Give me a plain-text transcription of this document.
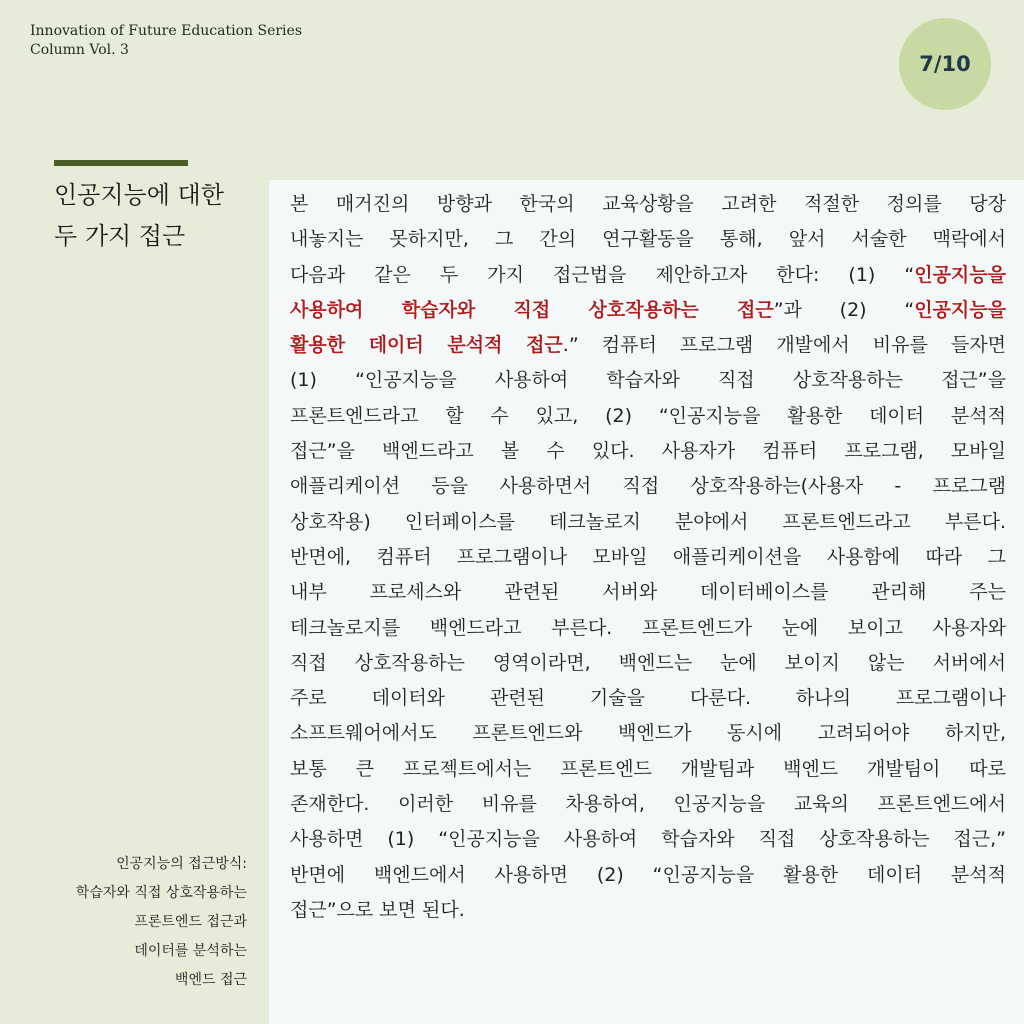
Innovation of Future Education Series
Column Vol. 3
7/10
인공지능에 대한
두 가지 접근
인공지능의 접근방식:
학습자와 직접 상호작용하는
프론트엔드 접근과
데이터를 분석하는
백엔드 접근
본 매거진의 방향과 한국의 교육상황을 고려한 적절한 정의를 당장
내놓지는 못하지만, 그 간의 연구활동을 통해, 앞서 서술한 맥락에서
다음과 같은 두 가지 접근법을 제안하고자 한다: (1) “인공지능을
사용하여 학습자와 직접 상호작용하는 접근”과 (2) “인공지능을
활용한 데이터 분석적 접근.” 컴퓨터 프로그램 개발에서 비유를 들자면
(1) “인공지능을 사용하여 학습자와 직접 상호작용하는 접근”을
프론트엔드라고 할 수 있고, (2) “인공지능을 활용한 데이터 분석적
접근”을 백엔드라고 볼 수 있다. 사용자가 컴퓨터 프로그램, 모바일
애플리케이션 등을 사용하면서 직접 상호작용하는(사용자 - 프로그램
상호작용) 인터페이스를 테크놀로지 분야에서 프론트엔드라고 부른다.
반면에, 컴퓨터 프로그램이나 모바일 애플리케이션을 사용함에 따라 그
내부 프로세스와 관련된 서버와 데이터베이스를 관리해 주는
테크놀로지를 백엔드라고 부른다. 프론트엔드가 눈에 보이고 사용자와
직접 상호작용하는 영역이라면, 백엔드는 눈에 보이지 않는 서버에서
주로 데이터와 관련된 기술을 다룬다. 하나의 프로그램이나
소프트웨어에서도 프론트엔드와 백엔드가 동시에 고려되어야 하지만,
보통 큰 프로젝트에서는 프론트엔드 개발팀과 백엔드 개발팀이 따로
존재한다. 이러한 비유를 차용하여, 인공지능을 교육의 프론트엔드에서
사용하면 (1) “인공지능을 사용하여 학습자와 직접 상호작용하는 접근,”
반면에 백엔드에서 사용하면 (2) “인공지능을 활용한 데이터 분석적
접근”으로 보면 된다.
